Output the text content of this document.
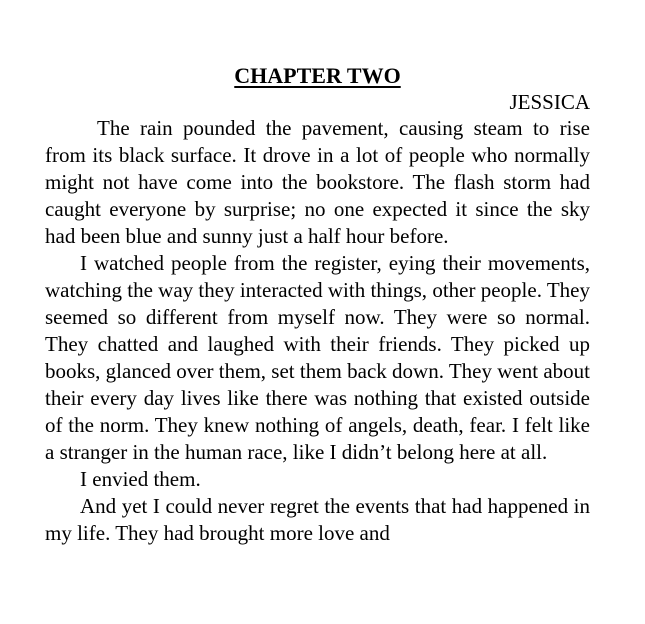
CHAPTER TWO

JESSICA

The rain pounded the pavement, causing steam to rise from its black surface. It drove in a lot of people who normally might not have come into the bookstore. The flash storm had caught everyone by surprise; no one expected it since the sky had been blue and sunny just a half hour before.

I watched people from the register, eying their movements, watching the way they interacted with things, other people. They seemed so different from myself now. They were so normal. They chatted and laughed with their friends. They picked up books, glanced over them, set them back down. They went about their every day lives like there was nothing that existed outside of the norm. They knew nothing of angels, death, fear. I felt like a stranger in the human race, like I didn’t belong here at all.

I envied them.

And yet I could never regret the events that had happened in my life. They had brought more love and
